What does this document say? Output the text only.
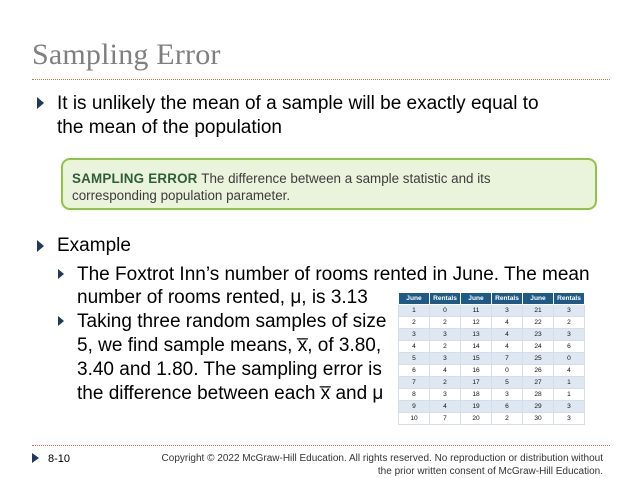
Sampling Error
It is unlikely the mean of a sample will be exactly equal to
the mean of the population
SAMPLING ERROR The difference between a sample statistic and its
corresponding population parameter.
Example
The Foxtrot Inn’s number of rooms rented in June. The mean
number of rooms rented, μ, is 3.13
Taking three random samples of size
5, we find sample means, x̅, of 3.80,
3.40 and 1.80. The sampling error is
the difference between each x̅ and μ
June	Rentals	June	Rentals	June	Rentals
1	0	11	3	21	3
2	2	12	4	22	2
3	3	13	4	23	3
4	2	14	4	24	6
5	3	15	7	25	0
6	4	16	0	26	4
7	2	17	5	27	1
8	3	18	3	28	1
9	4	19	6	29	3
10	7	20	2	30	3
8-10	Copyright © 2022 McGraw-Hill Education. All rights reserved. No reproduction or distribution without
the prior written consent of McGraw-Hill Education.
